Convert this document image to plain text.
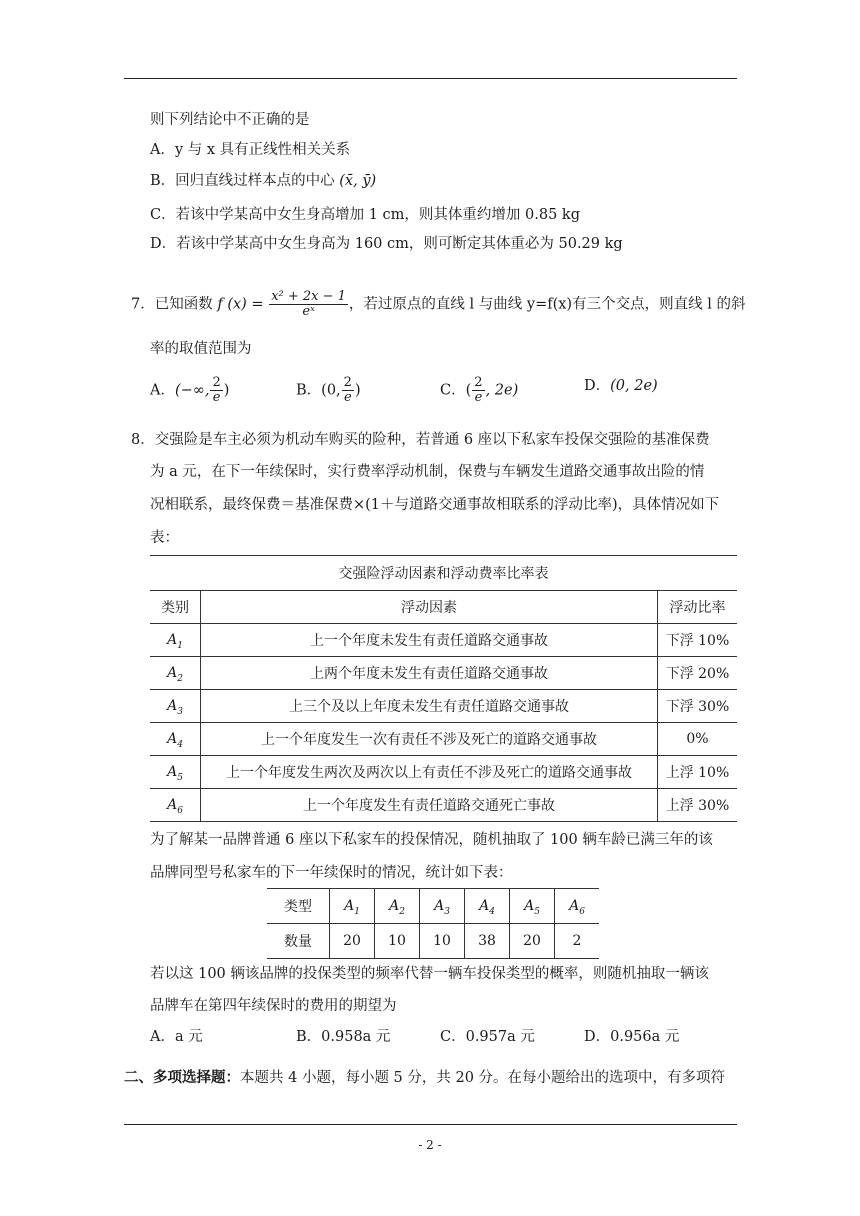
则下列结论中不正确的是
A．y 与 x 具有正线性相关关系
B．回归直线过样本点的中心 (x̄, ȳ)
C．若该中学某高中女生身高增加 1 cm，则其体重约增加 0.85 kg
D．若该中学某高中女生身高为 160 cm，则可断定其体重必为 50.29 kg
7．已知函数 f $(x) = \frac{\text{x² + 2x − 1}}{\text{eˣ}}$ ，若过原点的直线 l 与曲线 y=f(x)有三个交点，则直线 l 的斜
率的取值范围为
A．(−∞, $\frac{2}{e}$ )	B．(0, $\frac{2}{e}$ )	C．( $\frac{2}{e}$ , 2e)	D．(0, 2e)
8．交强险是车主必须为机动车购买的险种，若普通 6 座以下私家车投保交强险的基准保费
为 a 元，在下一年续保时，实行费率浮动机制，保费与车辆发生道路交通事故出险的情
况相联系，最终保费＝基准保费×(1＋与道路交通事故相联系的浮动比率)，具体情况如下
表：
交强险浮动因素和浮动费率比率表		
类别	浮动因素	浮动比率
$A_1$	上一个年度未发生有责任道路交通事故	下浮 10%
$A_2$	上两个年度未发生有责任道路交通事故	下浮 20%
$A_3$	上三个及以上年度未发生有责任道路交通事故	下浮 30%
$A_4$	上一个年度发生一次有责任不涉及死亡的道路交通事故	0%
$A_5$	上一个年度发生两次及两次以上有责任不涉及死亡的道路交通事故	上浮 10%
$A_6$	上一个年度发生有责任道路交通死亡事故	上浮 30%
为了解某一品牌普通 6 座以下私家车的投保情况，随机抽取了 100 辆车龄已满三年的该
品牌同型号私家车的下一年续保时的情况，统计如下表：
类型	$A_1$	$A_2$	$A_3$	$A_4$	$A_5$	$A_6$
数量	20	10	10	38	20	2
若以这 100 辆该品牌的投保类型的频率代替一辆车投保类型的概率，则随机抽取一辆该
品牌车在第四年续保时的费用的期望为
A．a 元	B．0.958a 元	C．0.957a 元	D．0.956a 元
二、多项选择题：本题共 4 小题，每小题 5 分，共 20 分。在每小题给出的选项中，有多项符
- 2 -
